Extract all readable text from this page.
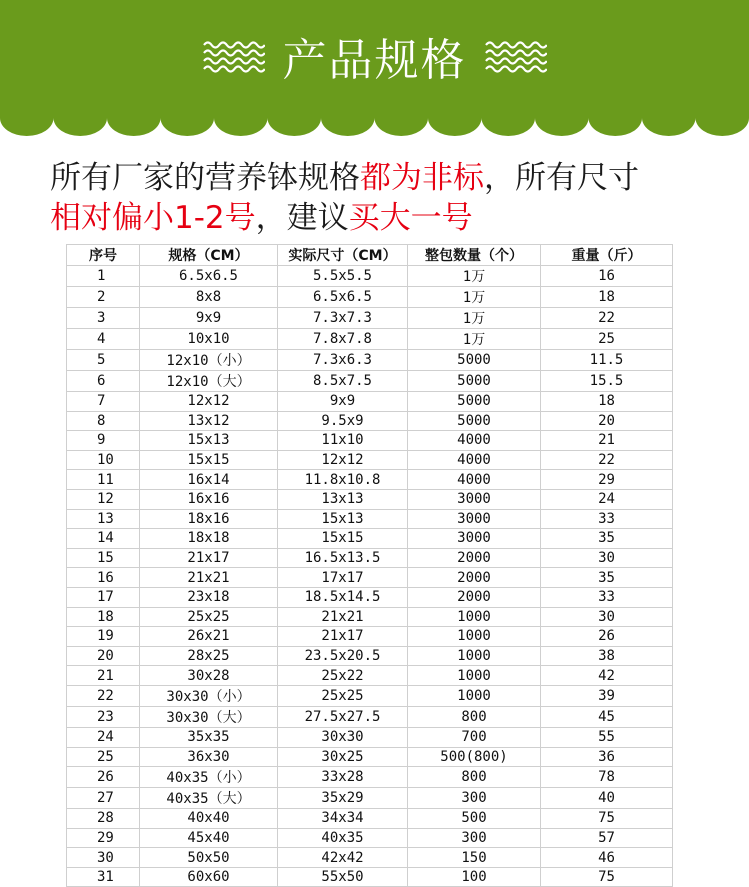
产品规格
所有厂家的营养钵规格都为非标，所有尺寸
相对偏小1-2号，建议买大一号
序号	规格（CM）	实际尺寸（CM）	整包数量（个）	重量（斤）
1	6.5x6.5	5.5x5.5	1万	16
2	8x8	6.5x6.5	1万	18
3	9x9	7.3x7.3	1万	22
4	10x10	7.8x7.8	1万	25
5	12x10（小）	7.3x6.3	5000	11.5
6	12x10（大）	8.5x7.5	5000	15.5
7	12x12	9x9	5000	18
8	13x12	9.5x9	5000	20
9	15x13	11x10	4000	21
10	15x15	12x12	4000	22
11	16x14	11.8x10.8	4000	29
12	16x16	13x13	3000	24
13	18x16	15x13	3000	33
14	18x18	15x15	3000	35
15	21x17	16.5x13.5	2000	30
16	21x21	17x17	2000	35
17	23x18	18.5x14.5	2000	33
18	25x25	21x21	1000	30
19	26x21	21x17	1000	26
20	28x25	23.5x20.5	1000	38
21	30x28	25x22	1000	42
22	30x30（小）	25x25	1000	39
23	30x30（大）	27.5x27.5	800	45
24	35x35	30x30	700	55
25	36x30	30x25	500(800)	36
26	40x35（小）	33x28	800	78
27	40x35（大）	35x29	300	40
28	40x40	34x34	500	75
29	45x40	40x35	300	57
30	50x50	42x42	150	46
31	60x60	55x50	100	75
